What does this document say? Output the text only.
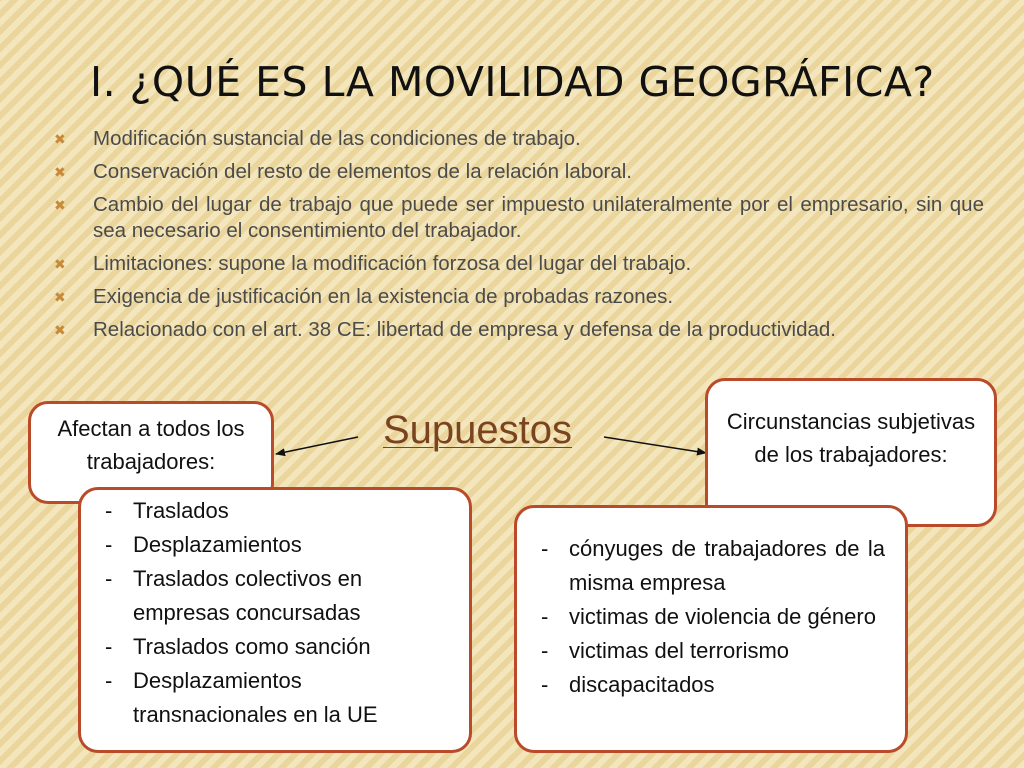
I. ¿QUÉ ES LA MOVILIDAD GEOGRÁFICA?
✖ Modificación sustancial de las condiciones de trabajo.
✖ Conservación del resto de elementos de la relación laboral.
✖ Cambio del lugar de trabajo que puede ser impuesto unilateralmente por el empresario, sin que sea necesario el consentimiento del trabajador.
✖ Limitaciones: supone la modificación forzosa del lugar del trabajo.
✖ Exigencia de justificación en la existencia de probadas razones.
✖ Relacionado con el art. 38 CE: libertad de empresa y defensa de la productividad.
Supuestos
Afectan a todos los trabajadores:
Circunstancias subjetivas de los trabajadores:
- Traslados
- Desplazamientos
- Traslados colectivos en empresas concursadas
- Traslados como sanción
- Desplazamientos transnacionales en la UE
- cónyuges de trabajadores de la misma empresa
- victimas de violencia de género
- victimas del terrorismo
- discapacitados
